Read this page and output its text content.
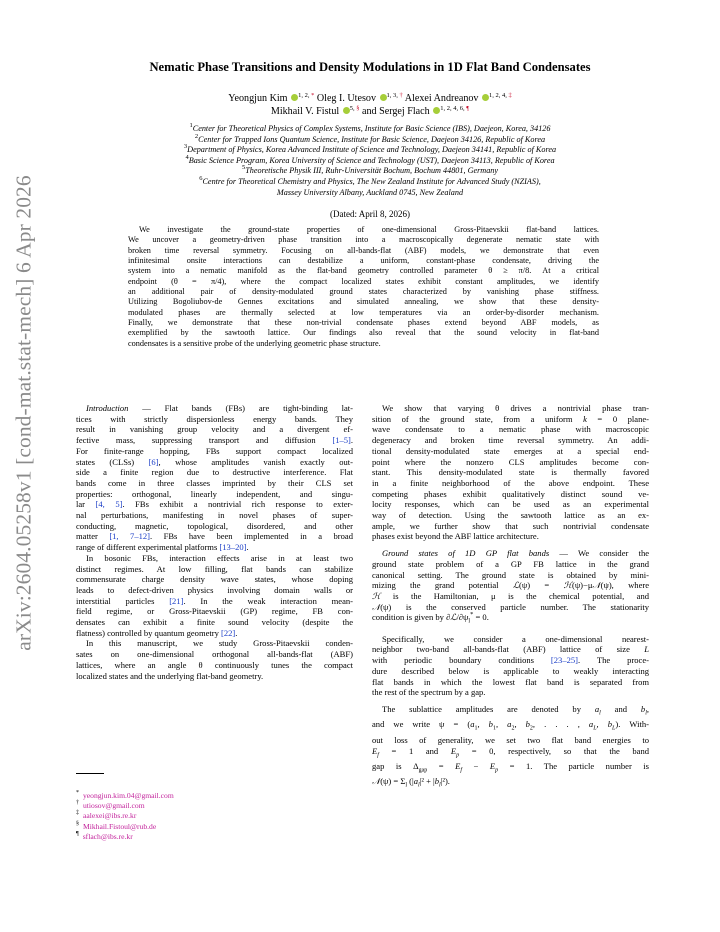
arXiv:2604.05258v1 [cond-mat.stat-mech] 6 Apr 2026
Nematic Phase Transitions and Density Modulations in 1D Flat Band Condensates
Yeongjun Kim $^{1, 2, *}$ Oleg I. Utesov $^{1, 3, \dagger}$ Alexei Andreanov $^{1, 2, 4, \ddagger}$
Mikhail V. Fistul $^{5, \S}$ and Sergej Flach $^{1, 2, 4, 6, \P}$
$^1$Center for Theoretical Physics of Complex Systems, Institute for Basic Science (IBS), Daejeon, Korea, 34126
$^2$Center for Trapped Ions Quantum Science, Institute for Basic Science, Daejeon 34126, Republic of Korea
$^3$Department of Physics, Korea Advanced Institute of Science and Technology, Daejeon 34141, Republic of Korea
$^4$Basic Science Program, Korea University of Science and Technology (UST), Daejeon 34113, Republic of Korea
$^5$Theoretische Physik III, Ruhr-Universität Bochum, Bochum 44801, Germany
$^6$Centre for Theoretical Chemistry and Physics, The New Zealand Institute for Advanced Study (NZIAS),
Massey University Albany, Auckland 0745, New Zealand
(Dated: April 8, 2026)
We investigate the ground-state properties of one-dimensional Gross-Pitaevskii flat-band lattices.
We uncover a geometry-driven phase transition into a macroscopically degenerate nematic state with
broken time reversal symmetry. Focusing on all-bands-flat (ABF) models, we demonstrate that even
infinitesimal onsite interactions can destabilize a uniform, constant-phase condensate, driving the
system into a nematic manifold as the flat-band geometry controlled parameter θ ≥ π/8. At a critical
endpoint (θ = π/4), where the compact localized states exhibit constant amplitudes, we identify
an additional pair of density-modulated ground states characterized by vanishing phase stiffness.
Utilizing Bogoliubov-de Gennes excitations and simulated annealing, we show that these density-
modulated phases are thermally selected at low temperatures via an order-by-disorder mechanism.
Finally, we demonstrate that these non-trivial condensate phases extend beyond ABF models, as
exemplified by the sawtooth lattice. Our findings also reveal that the sound velocity in flat-band
condensates is a sensitive probe of the underlying geometric phase structure.
Introduction — Flat bands (FBs) are tight-binding lat-
tices with strictly dispersionless energy bands. They
result in vanishing group velocity and a divergent ef-
fective mass, suppressing transport and diffusion [1–5].
For finite-range hopping, FBs support compact localized
states (CLSs) [6], whose amplitudes vanish exactly out-
side a finite region due to destructive interference. Flat
bands come in three classes imprinted by their CLS set
properties: orthogonal, linearly independent, and singu-
lar [4, 5]. FBs exhibit a nontrivial rich response to exter-
nal perturbations, manifesting in novel phases of super-
conducting, magnetic, topological, disordered, and other
matter [1, 7–12]. FBs have been implemented in a broad
range of different experimental platforms [13–20].
In bosonic FBs, interaction effects arise in at least two
distinct regimes. At low filling, flat bands can stabilize
commensurate charge density wave states, whose doping
leads to defect-driven physics involving domain walls or
interstitial particles [21]. In the weak interaction mean-
field regime, or Gross-Pitaevskii (GP) regime, FB con-
densates can exhibit a finite sound velocity (despite the
flatness) controlled by quantum geometry [22].
In this manuscript, we study Gross-Pitaevskii conden-
sates on one-dimensional orthogonal all-bands-flat (ABF)
lattices, where an angle θ continuously tunes the compact
localized states and the underlying flat-band geometry.
We show that varying θ drives a nontrivial phase tran-
sition of the ground state, from a uniform k = 0 plane-
wave condensate to a nematic phase with macroscopic
degeneracy and broken time reversal symmetry. An addi-
tional density-modulated state emerges at a special end-
point where the nonzero CLS amplitudes become con-
stant. This density-modulated state is thermally favored
in a finite neighborhood of the above endpoint. These
competing phases exhibit qualitatively distinct sound ve-
locity responses, which can be used as an experimental
way of detection. Using the sawtooth lattice as an ex-
ample, we further show that such nontrivial condensate
phases exist beyond the ABF lattice architecture.
Ground states of 1D GP flat bands — We consider the
ground state problem of a GP FB lattice in the grand
canonical setting. The ground state is obtained by mini-
mizing the grand potential ℒ(ψ) = ℋ(ψ)−μ𝒩(ψ), where
ℋ is the Hamiltonian, μ is the chemical potential, and
𝒩(ψ) is the conserved particle number. The stationarity
condition is given by $\partial ℒ/\partial\psi_l^* = 0$.
Specifically, we consider a one-dimensional nearest-
neighbor two-band all-bands-flat (ABF) lattice of size L
with periodic boundary conditions [23–25]. The proce-
dure described below is applicable to weakly interacting
flat bands in which the lowest flat band is separated from
the rest of the spectrum by a gap.
The sublattice amplitudes are denoted by $a_l$ and $b_l$,
and we write $\psi = (a_1$, $b_1$, $a_2$, $b_2$, . . . , $a_L$, $b_L$). With-
out loss of generality, we set two flat band energies to
$E_f = 1$ and $E_p = 0$, respectively, so that the band
gap is $\Delta_{gap} = E_f - E_p = 1$. The particle number is
𝒩(ψ) = $\Sigma_l$ $(|a_l|^2 + |b_l|^2)$.
* yeongjun.kim.04@gmail.com
† utiosov@gmail.com
‡ aalexei@ibs.re.kr
§ Mikhail.Fistoul@rub.de
¶ sflach@ibs.re.kr
